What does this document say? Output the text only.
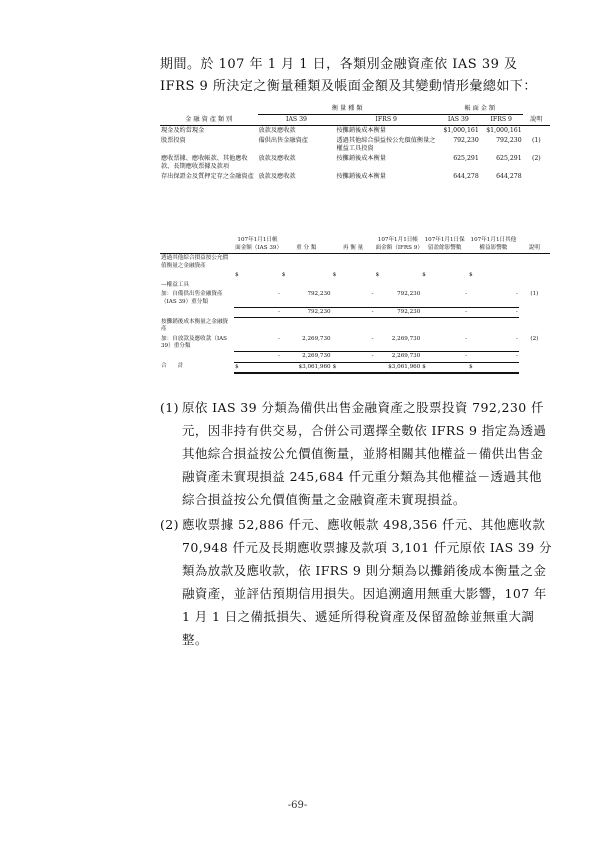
期間。於 107 年 1 月 1 日，各類別金融資產依 IAS 39 及 IFRS 9 所決定之衡量種類及帳面金額及其變動情形彙總如下：
金 融 資 產 類 別	衡 量 種 類		帳 面 金 額		說明
	IAS 39	IFRS 9	IAS 39	IFRS 9	
現金及約當現金	放款及應收款	按攤銷後成本衡量	$1,000,161	$1,000,161	
股票投資	備供出售金融資產	透過其他綜合損益按公允價值衡量之權益工具投資	792,230	792,230	(1)
應收票據、應收帳款、其他應收款、長期應收票據及款項	放款及應收款	按攤銷後成本衡量	625,291	625,291	(2)
存出保證金及質押定存之金融資產	放款及應收款	按攤銷後成本衡量	644,278	644,278	
	107年1月1日帳面金額（IAS 39）	重 分 類	再 衡 量	107年1月1日帳面金額（IFRS 9）	107年1月1日保留盈餘影響數	107年1月1日其他權益影響數	說明
透過其他綜合損益按公允價值衡量之金融資產							
	$	$	$	$	$	$	
—權益工具							
加：自備供出售金融資產（IAS 39）重分類	-	792,230	-	792,230	-	-	(1)
	-	792,230	-	792,230	-	-	
按攤銷後成本衡量之金融資產							
加：自放款及應收款（IAS 39）重分類	-	2,269,730	-	2,269,730	-	-	(2)
	-	2,269,730	-	2,269,730	-	-	
合　　計	$	$3,061,960	$	$3,061,960	$	$	
(1) 原依 IAS 39 分類為備供出售金融資產之股票投資 792,230 仟元，因非持有供交易，合併公司選擇全數依 IFRS 9 指定為透過其他綜合損益按公允價值衡量，並將相關其他權益－備供出售金融資產未實現損益 245,684 仟元重分類為其他權益－透過其他綜合損益按公允價值衡量之金融資產未實現損益。
(2) 應收票據 52,886 仟元、應收帳款 498,356 仟元、其他應收款 70,948 仟元及長期應收票據及款項 3,101 仟元原依 IAS 39 分類為放款及應收款，依 IFRS 9 則分類為以攤銷後成本衡量之金融資產，並評估預期信用損失。因追溯適用無重大影響，107 年 1 月 1 日之備抵損失、遞延所得稅資產及保留盈餘並無重大調整。
-69-
